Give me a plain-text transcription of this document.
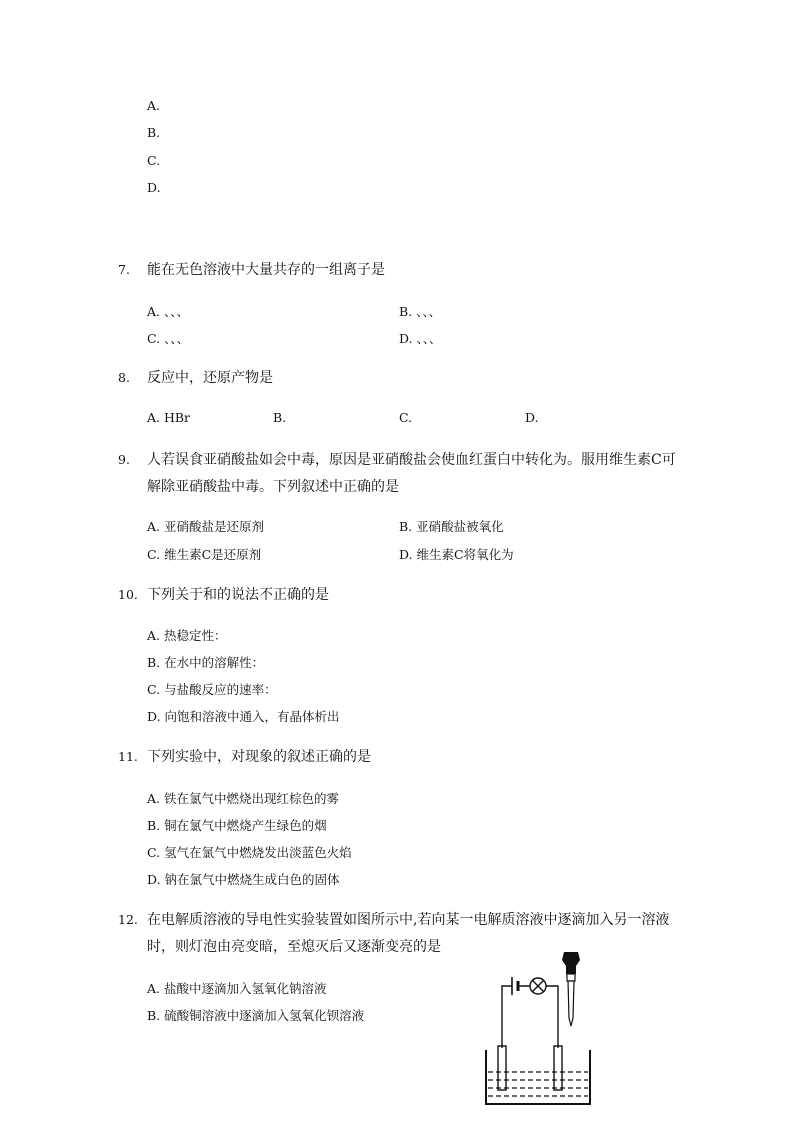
A.
B.
C.
D.
7. 能在无色溶液中大量共存的一组离子是
A. 、、、	B. 、、、
C. 、、、	D. 、、、
8. 反应中，还原产物是
A. HBr	B.	C.	D.
9. 人若误食亚硝酸盐如会中毒，原因是亚硝酸盐会使血红蛋白中转化为。服用维生素C可
解除亚硝酸盐中毒。下列叙述中正确的是
A. 亚硝酸盐是还原剂	B. 亚硝酸盐被氧化
C. 维生素C是还原剂	D. 维生素C将氧化为
10. 下列关于和的说法不正确的是
A. 热稳定性：
B. 在水中的溶解性：
C. 与盐酸反应的速率：
D. 向饱和溶液中通入，有晶体析出
11. 下列实验中，对现象的叙述正确的是
A. 铁在氯气中燃烧出现红棕色的雾
B. 铜在氯气中燃烧产生绿色的烟
C. 氢气在氯气中燃烧发出淡蓝色火焰
D. 钠在氯气中燃烧生成白色的固体
12. 在电解质溶液的导电性实验装置如图所示中,若向某一电解质溶液中逐滴加入另一溶液
时，则灯泡由亮变暗，至熄灭后又逐渐变亮的是
A. 盐酸中逐滴加入氢氧化钠溶液
B. 硫酸铜溶液中逐滴加入氢氧化钡溶液
